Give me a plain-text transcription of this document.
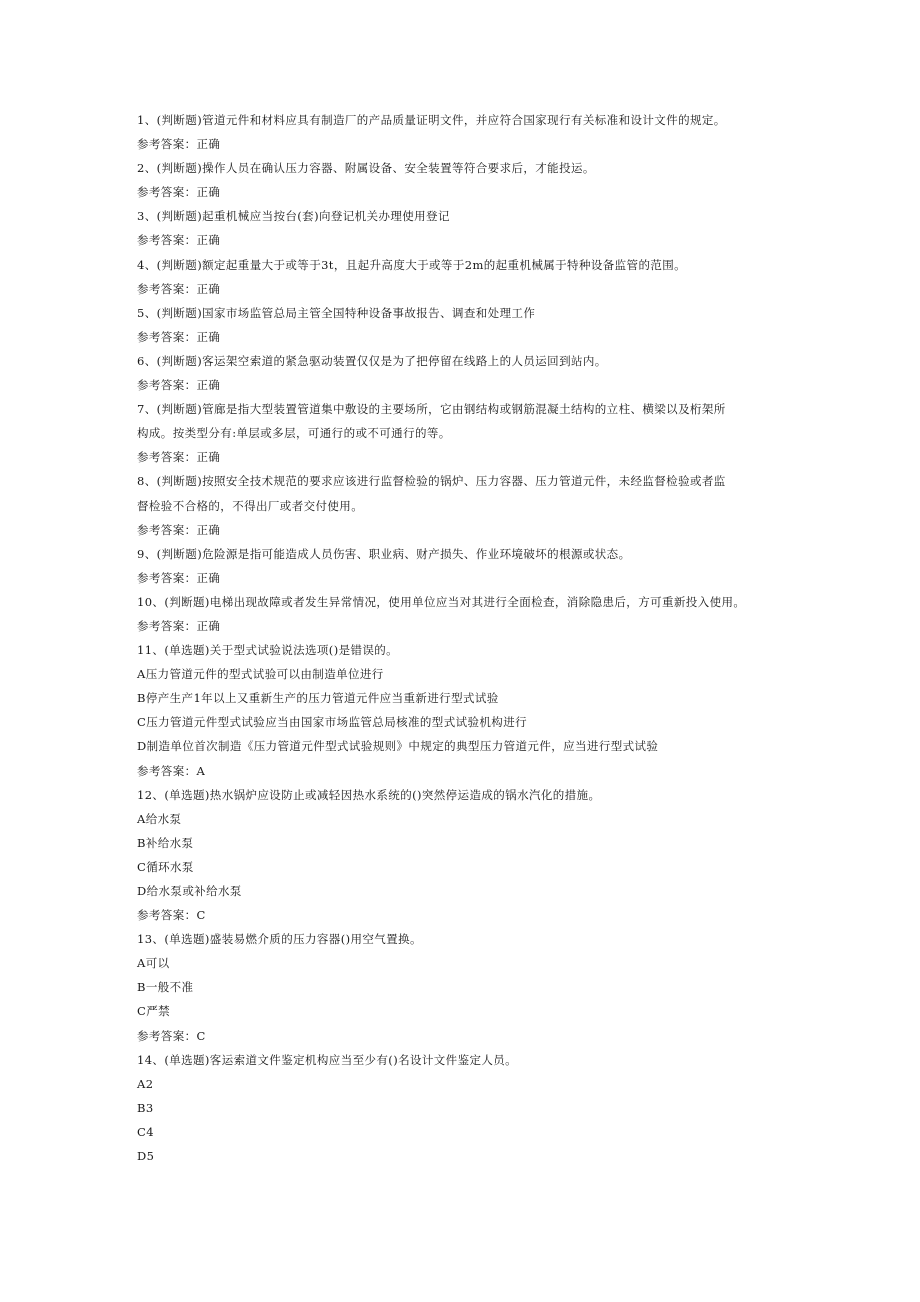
1、(判断题)管道元件和材料应具有制造厂的产品质量证明文件，并应符合国家现行有关标准和设计文件的规定。
参考答案：正确
2、(判断题)操作人员在确认压力容器、附属设备、安全装置等符合要求后，才能投运。
参考答案：正确
3、(判断题)起重机械应当按台(套)向登记机关办理使用登记
参考答案：正确
4、(判断题)额定起重量大于或等于3t，且起升高度大于或等于2m的起重机械属于特种设备监管的范围。
参考答案：正确
5、(判断题)国家市场监管总局主管全国特种设备事故报告、调查和处理工作
参考答案：正确
6、(判断题)客运架空索道的紧急驱动装置仅仅是为了把停留在线路上的人员运回到站内。
参考答案：正确
7、(判断题)管廊是指大型装置管道集中敷设的主要场所，它由钢结构或钢筋混凝土结构的立柱、横梁以及桁架所
构成。按类型分有:单层或多层，可通行的或不可通行的等。
参考答案：正确
8、(判断题)按照安全技术规范的要求应该进行监督检验的锅炉、压力容器、压力管道元件，未经监督检验或者监
督检验不合格的，不得出厂或者交付使用。
参考答案：正确
9、(判断题)危险源是指可能造成人员伤害、职业病、财产损失、作业环境破坏的根源或状态。
参考答案：正确
10、(判断题)电梯出现故障或者发生异常情况，使用单位应当对其进行全面检查，消除隐患后，方可重新投入使用。
参考答案：正确
11、(单选题)关于型式试验说法选项()是错误的。
A压力管道元件的型式试验可以由制造单位进行
B停产生产1年以上又重新生产的压力管道元件应当重新进行型式试验
C压力管道元件型式试验应当由国家市场监管总局核准的型式试验机构进行
D制造单位首次制造《压力管道元件型式试验规则》中规定的典型压力管道元件，应当进行型式试验
参考答案：A
12、(单选题)热水锅炉应设防止或减轻因热水系统的()突然停运造成的锅水汽化的措施。
A给水泵
B补给水泵
C循环水泵
D给水泵或补给水泵
参考答案：C
13、(单选题)盛装易燃介质的压力容器()用空气置换。
A可以
B一般不准
C严禁
参考答案：C
14、(单选题)客运索道文件鉴定机构应当至少有()名设计文件鉴定人员。
A2
B3
C4
D5
